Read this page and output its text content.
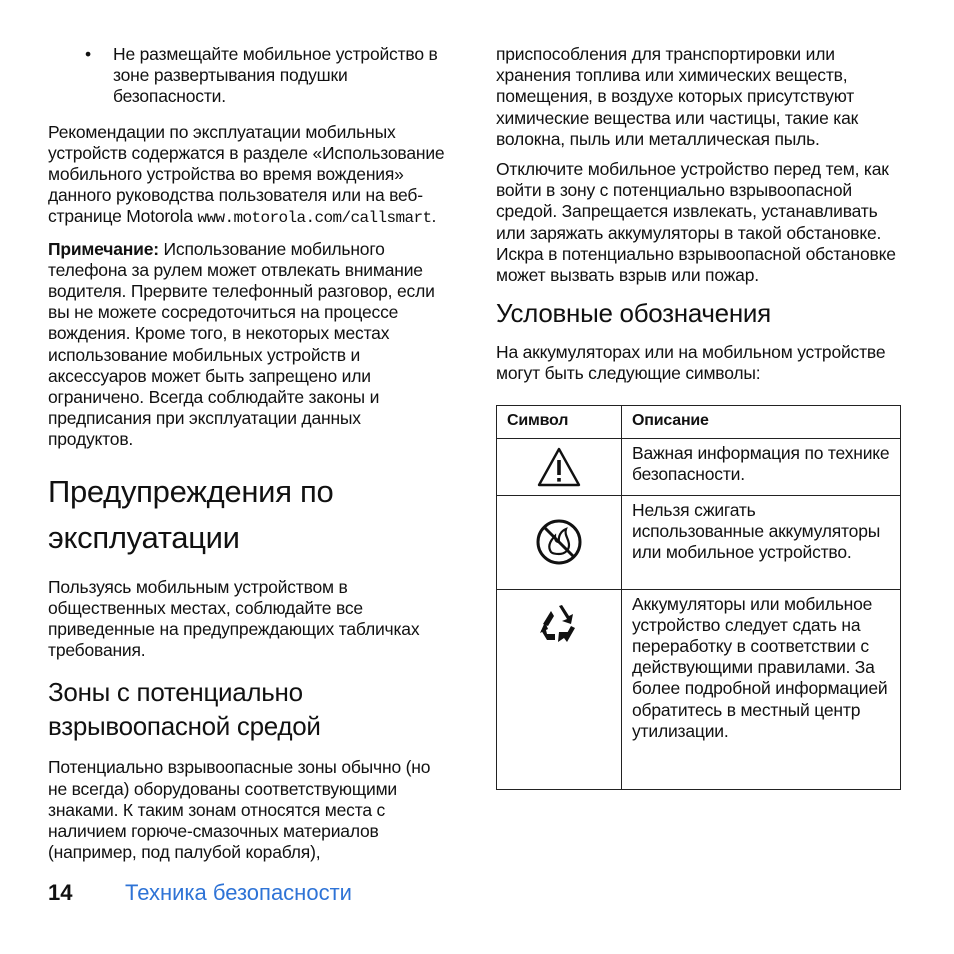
•	Не размещайте мобильное устройство в зоне развертывания подушки безопасности.

Рекомендации по эксплуатации мобильных устройств содержатся в разделе «Использование мобильного устройства во время вождения» данного руководства пользователя или на веб-странице Motorola www.motorola.com/callsmart.

Примечание: Использование мобильного телефона за рулем может отвлекать внимание водителя. Прервите телефонный разговор, если вы не можете сосредоточиться на процессе вождения. Кроме того, в некоторых местах использование мобильных устройств и аксессуаров может быть запрещено или ограничено. Всегда соблюдайте законы и предписания при эксплуатации данных продуктов.

Предупреждения по
эксплуатации

Пользуясь мобильным устройством в общественных местах, соблюдайте все приведенные на предупреждающих табличках требования.

Зоны с потенциально
взрывоопасной средой

Потенциально взрывоопасные зоны обычно (но не всегда) оборудованы соответствующими знаками. К таким зонам относятся места с наличием горюче-смазочных материалов (например, под палубой корабля),

приспособления для транспортировки или хранения топлива или химических веществ, помещения, в воздухе которых присутствуют химические вещества или частицы, такие как волокна, пыль или металлическая пыль.

Отключите мобильное устройство перед тем, как войти в зону с потенциально взрывоопасной средой. Запрещается извлекать, устанавливать или заряжать аккумуляторы в такой обстановке. Искра в потенциально взрывоопасной обстановке может вызвать взрыв или пожар.

Условные обозначения

На аккумуляторах или на мобильном устройстве могут быть следующие символы:

Символ	Описание

	Важная информация по технике безопасности.

	Нельзя сжигать использованные аккумуляторы или мобильное устройство.

	Аккумуляторы или мобильное устройство следует сдать на переработку в соответствии с действующими правилами. За более подробной информацией обратитесь в местный центр утилизации.
14	Техника безопасности
